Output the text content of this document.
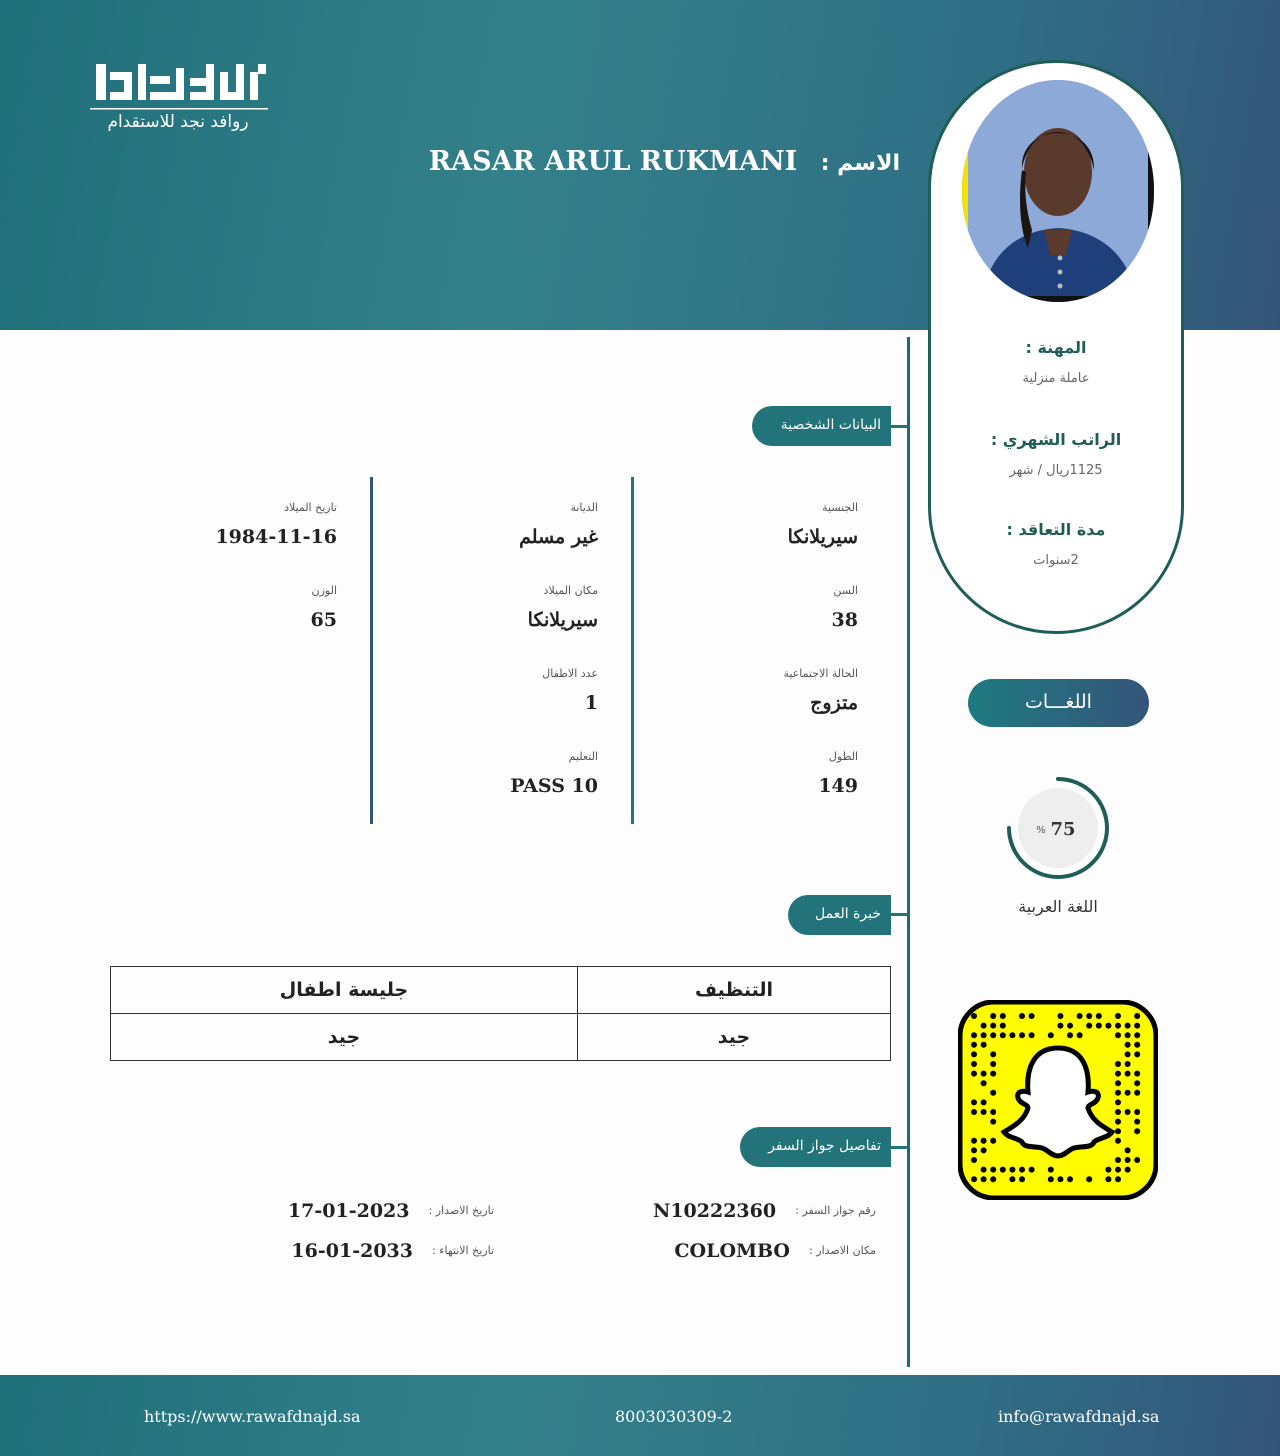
روافد نجد للاستقدام
الاسم : RASAR ARUL RUKMANI
المهنة :
عاملة منزلية
الراتب الشهري :
1125ريال / شهر
مدة التعاقد :
2سنوات
اللغـــات
75
%
اللغة العربية
البيانات الشخصية
الجنسية
سيريلانكا
السن
38
الحالة الاجتماعية
متزوج
الطول
149
الديانة
غير مسلم
مكان الميلاد
سيريلانكا
عدد الاطفال
1
التعليم
PASS 10
تاريخ الميلاد
1984-11-16
الوزن
65
خبرة العمل
التنظيف	جليسة اطفال
جيد	جيد
تفاصيل جواز السفر
رقم جواز السفر : N10222360
مكان الاصدار : COLOMBO
تاريخ الاصدار : 2023-01-17
تاريخ الانتهاء : 2033-01-16
https://www.rawafdnajd.sa	8003030309-2	info@rawafdnajd.sa
